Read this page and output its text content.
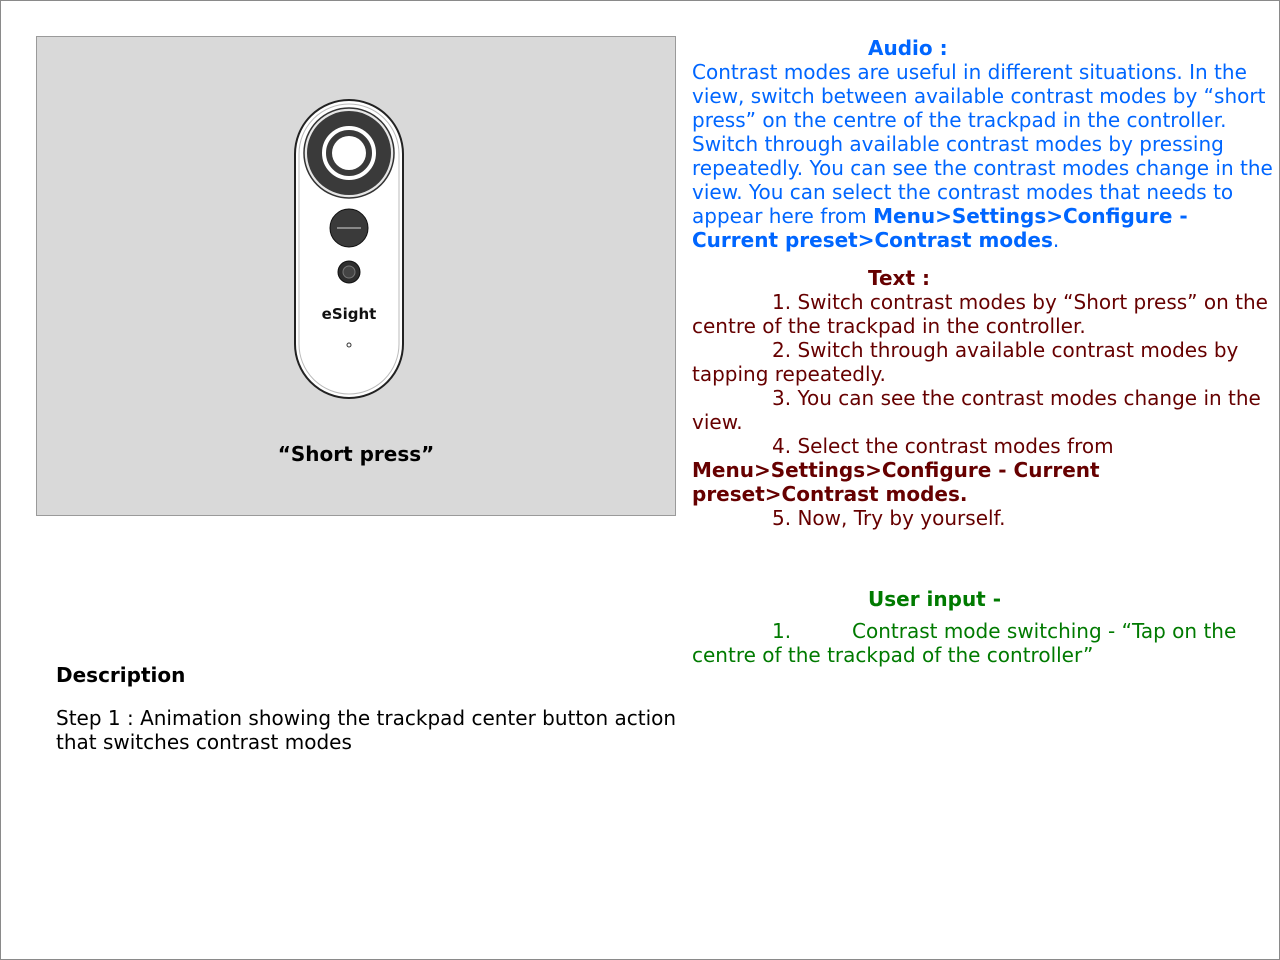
eSight
“Short press”
Description
Step 1 : Animation showing the trackpad center button action that switches contrast modes

Audio :

Contrast modes are useful in different situations. In the view, switch between available contrast modes by “short press” on the centre of the trackpad in the controller. Switch through available contrast modes by pressing repeatedly. You can see the contrast modes change in the view. You can select the contrast modes that needs to appear here from Menu>Settings>Configure - Current preset>Contrast modes.

Text :

1. Switch contrast modes by “Short press” on the centre of the trackpad in the controller.

2. Switch through available contrast modes by tapping repeatedly.

3. You can see the contrast modes change in the view.

4. Select the contrast modes from
Menu>Settings>Configure - Current preset>Contrast modes.

5. Now, Try by yourself.

User input -

1.	Contrast mode switching - “Tap on the centre of the trackpad of the controller”
